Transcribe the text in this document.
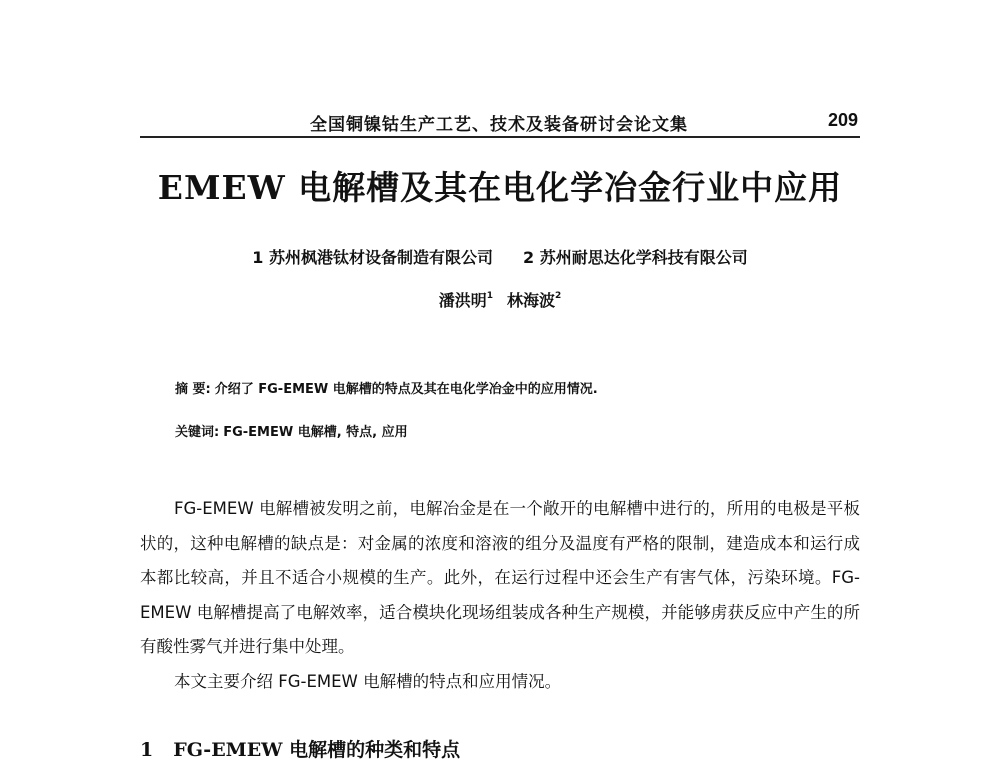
全国铜镍钴生产工艺、技术及装备研讨会论文集	209
EMEW 电解槽及其在电化学冶金行业中应用
1 苏州枫港钛材设备制造有限公司 2 苏州耐思达化学科技有限公司
潘洪明$^1$ 林海波$^2$
摘 要: 介绍了 FG-EMEW 电解槽的特点及其在电化学冶金中的应用情况.
关键词: FG-EMEW 电解槽, 特点, 应用

FG-EMEW 电解槽被发明之前，电解冶金是在一个敞开的电解槽中进行的，所用的电极是平板状的，这种电解槽的缺点是：对金属的浓度和溶液的组分及温度有严格的限制，建造成本和运行成本都比较高，并且不适合小规模的生产。此外，在运行过程中还会生产有害气体，污染环境。FG-EMEW 电解槽提高了电解效率，适合模块化现场组装成各种生产规模，并能够虏获反应中产生的所有酸性雾气并进行集中处理。

本文主要介绍 FG-EMEW 电解槽的特点和应用情况。

1 FG-EMEW 电解槽的种类和特点
